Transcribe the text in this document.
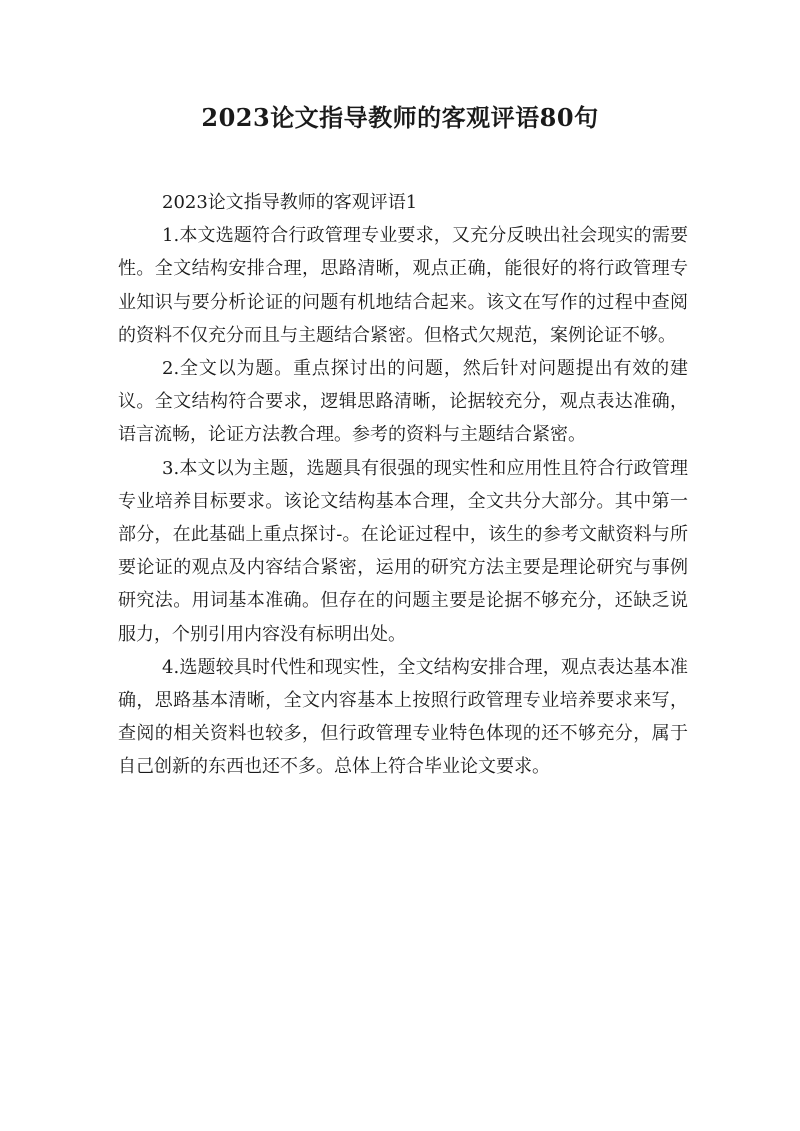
2023论文指导教师的客观评语80句

2023论文指导教师的客观评语1

1.本文选题符合行政管理专业要求，又充分反映出社会现实的需要性。全文结构安排合理，思路清晰，观点正确，能很好的将行政管理专业知识与要分析论证的问题有机地结合起来。该文在写作的过程中查阅的资料不仅充分而且与主题结合紧密。但格式欠规范，案例论证不够。

2.全文以为题。重点探讨出的问题，然后针对问题提出有效的建议。全文结构符合要求，逻辑思路清晰，论据较充分，观点表达准确，语言流畅，论证方法教合理。参考的资料与主题结合紧密。

3.本文以为主题，选题具有很强的现实性和应用性且符合行政管理专业培养目标要求。该论文结构基本合理，全文共分大部分。其中第一部分，在此基础上重点探讨-。在论证过程中，该生的参考文献资料与所要论证的观点及内容结合紧密，运用的研究方法主要是理论研究与事例研究法。用词基本准确。但存在的问题主要是论据不够充分，还缺乏说服力，个别引用内容没有标明出处。

4.选题较具时代性和现实性，全文结构安排合理，观点表达基本准确，思路基本清晰，全文内容基本上按照行政管理专业培养要求来写，查阅的相关资料也较多，但行政管理专业特色体现的还不够充分，属于自己创新的东西也还不多。总体上符合毕业论文要求。
